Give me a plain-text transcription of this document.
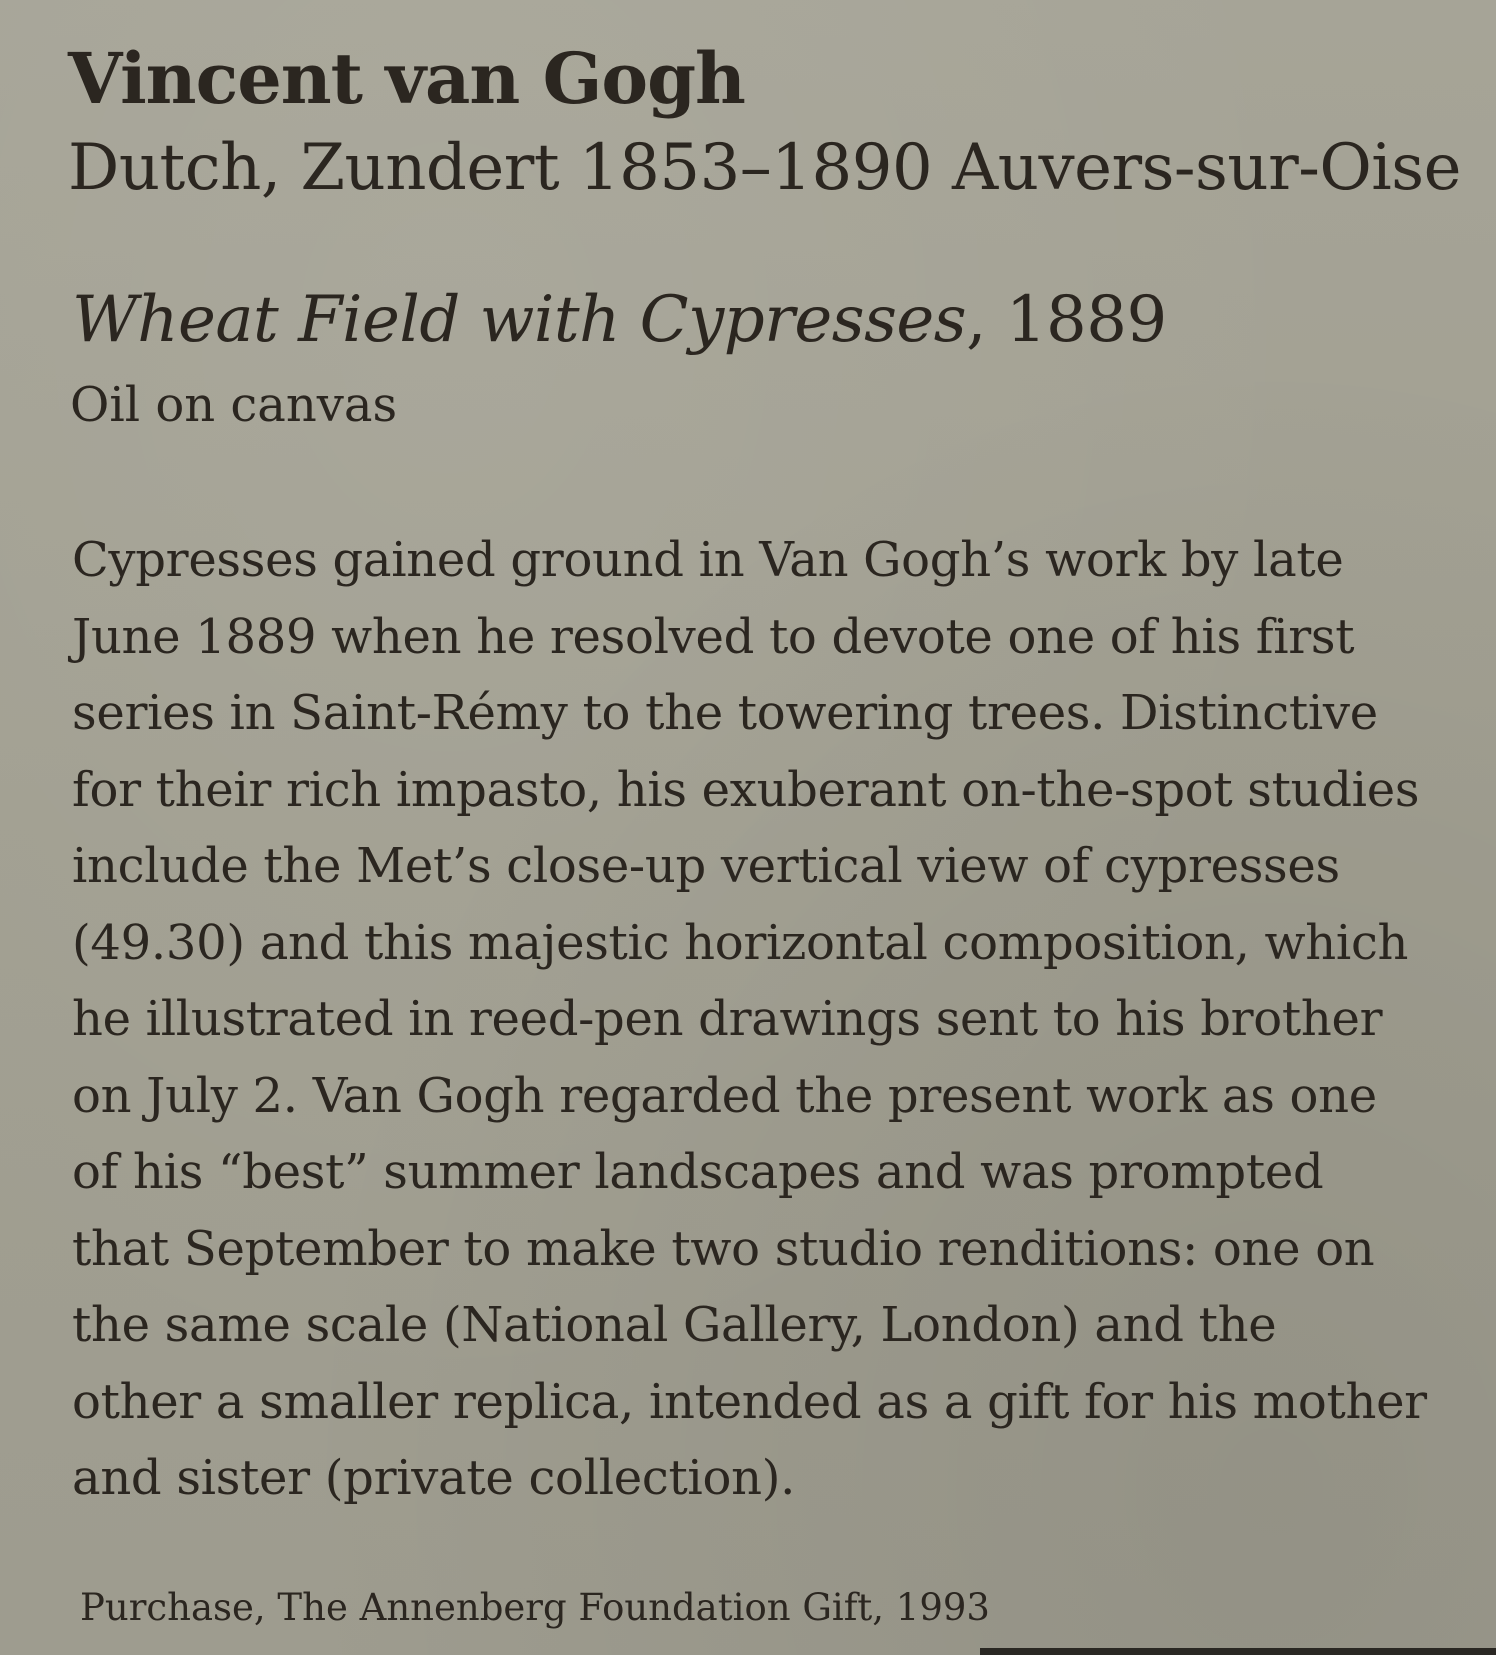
Vincent van Gogh
Dutch, Zundert 1853–1890 Auvers-sur-Oise
Wheat Field with Cypresses, 1889
Oil on canvas
Cypresses gained ground in Van Gogh’s work by late
June 1889 when he resolved to devote one of his first
series in Saint-Rémy to the towering trees. Distinctive
for their rich impasto, his exuberant on-the-spot studies
include the Met’s close-up vertical view of cypresses
(49.30) and this majestic horizontal composition, which
he illustrated in reed-pen drawings sent to his brother
on July 2. Van Gogh regarded the present work as one
of his “best” summer landscapes and was prompted
that September to make two studio renditions: one on
the same scale (National Gallery, London) and the
other a smaller replica, intended as a gift for his mother
and sister (private collection).
Purchase, The Annenberg Foundation Gift, 1993
